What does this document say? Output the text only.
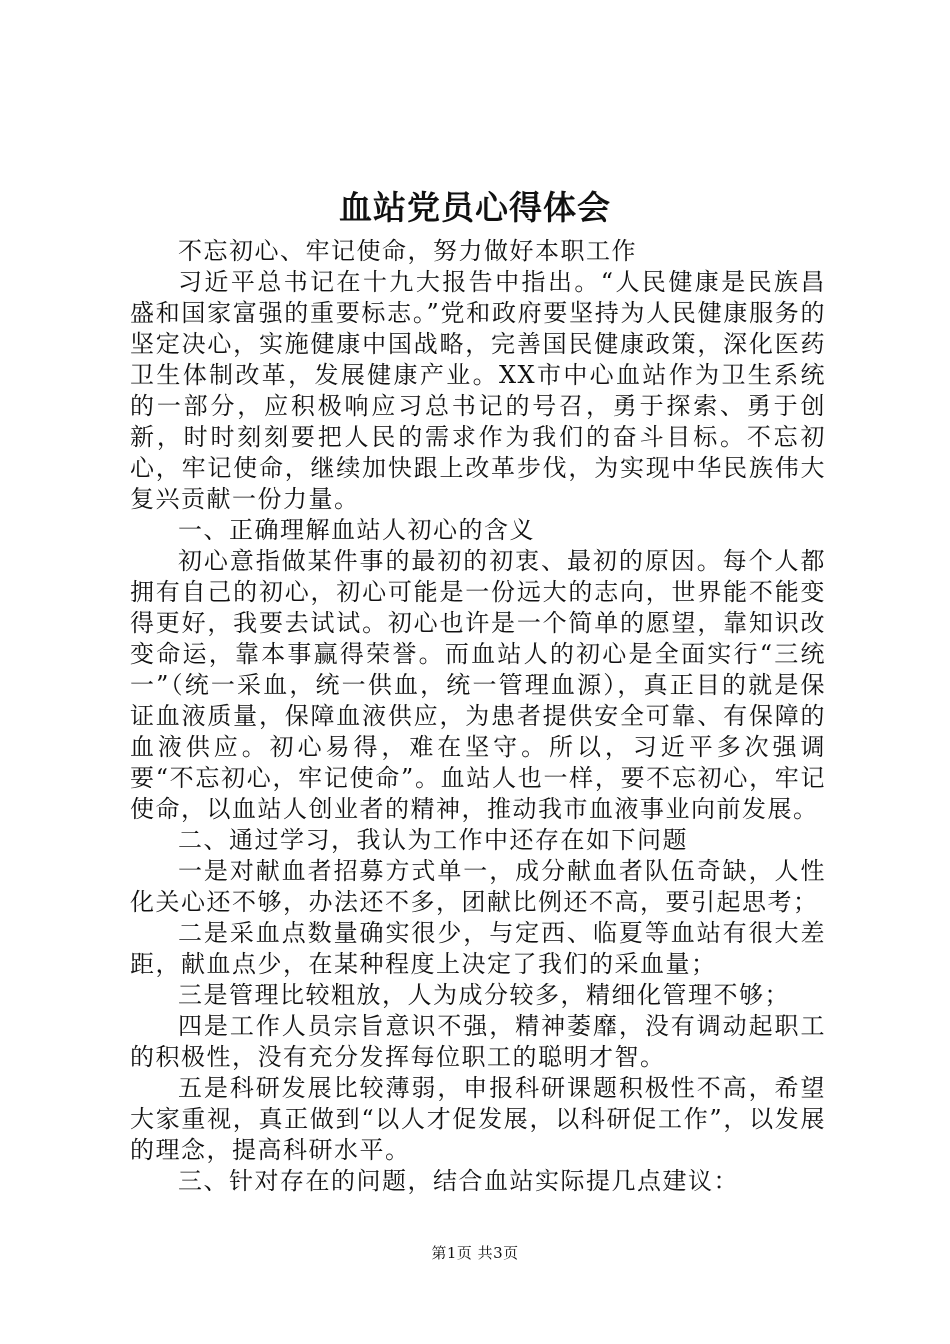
血站党员心得体会

不忘初心、牢记使命，努力做好本职工作

习近平总书记在十九大报告中指出。“人民健康是民族昌盛和国家富强的重要标志。”党和政府要坚持为人民健康服务的坚定决心，实施健康中国战略，完善国民健康政策，深化医药卫生体制改革，发展健康产业。XX市中心血站作为卫生系统的一部分，应积极响应习总书记的号召，勇于探索、勇于创新，时时刻刻要把人民的需求作为我们的奋斗目标。不忘初心，牢记使命，继续加快跟上改革步伐，为实现中华民族伟大复兴贡献一份力量。

一、正确理解血站人初心的含义

初心意指做某件事的最初的初衷、最初的原因。每个人都拥有自己的初心，初心可能是一份远大的志向，世界能不能变得更好，我要去试试。初心也许是一个简单的愿望，靠知识改变命运，靠本事赢得荣誉。而血站人的初心是全面实行“三统一”（统一采血，统一供血，统一管理血源），真正目的就是保证血液质量，保障血液供应，为患者提供安全可靠、有保障的血液供应。初心易得，难在坚守。所以，习近平多次强调要“不忘初心，牢记使命”。血站人也一样，要不忘初心，牢记使命，以血站人创业者的精神，推动我市血液事业向前发展。

二、通过学习，我认为工作中还存在如下问题

一是对献血者招募方式单一，成分献血者队伍奇缺，人性化关心还不够，办法还不多，团献比例还不高，要引起思考；

二是采血点数量确实很少，与定西、临夏等血站有很大差距，献血点少，在某种程度上决定了我们的采血量；

三是管理比较粗放，人为成分较多，精细化管理不够；

四是工作人员宗旨意识不强，精神萎靡，没有调动起职工的积极性，没有充分发挥每位职工的聪明才智。

五是科研发展比较薄弱，申报科研课题积极性不高，希望大家重视，真正做到“以人才促发展，以科研促工作”，以发展的理念，提高科研水平。

三、针对存在的问题，结合血站实际提几点建议：

第1页 共3页
